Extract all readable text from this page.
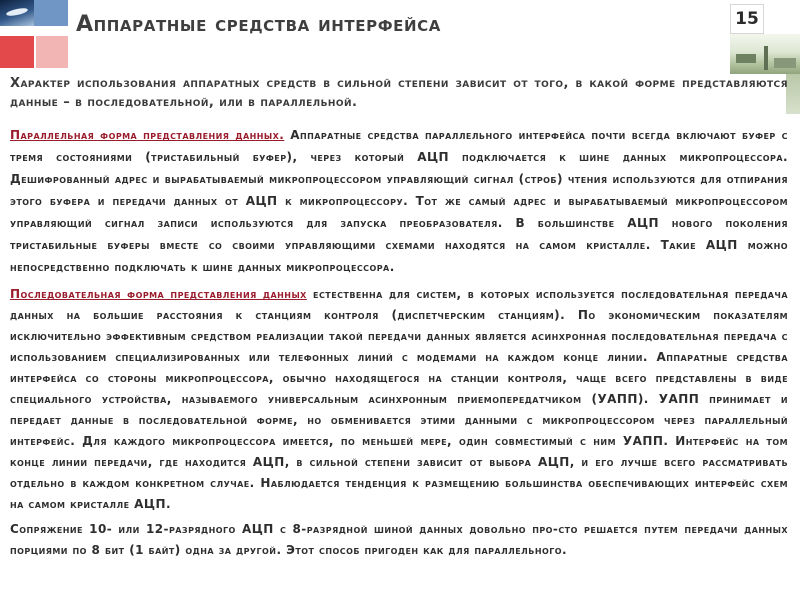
Аппаратные средства интерфейса	15

Характер использования аппаратных средств в сильной степени зависит от того, в какой форме представляются данные – в последовательной, или в параллельной.

Параллельная форма представления данных. Аппаратные средства параллельного интерфейса почти всегда включают буфер с тремя состояниями (тристабильный буфер), через который АЦП подключается к шине данных микропроцессора. Дешифрованный адрес и вырабатываемый микропроцессором управляющий сигнал (строб) чтения используются для отпирания этого буфера и передачи данных от АЦП к микропроцессору. Тот же самый адрес и вырабатываемый микропроцессором управляющий сигнал записи используются для запуска преобразователя. В большинстве АЦП нового поколения тристабильные буферы вместе со своими управляющими схемами находятся на самом кристалле. Такие АЦП можно непосредственно подключать к шине данных микропроцессора.

Последовательная форма представления данных естественна для систем, в которых используется последовательная передача данных на большие расстояния к станциям контроля (диспетчерским станциям). По экономическим показателям исключительно эффективным средством реализации такой передачи данных является асинхронная последовательная передача с использованием специализированных или телефонных линий с модемами на каждом конце линии. Аппаратные средства интерфейса со стороны микропроцессора, обычно находящегося на станции контроля, чаще всего представлены в виде специального устройства, называемого универсальным асинхронным приемопередатчиком (УАПП). УАПП принимает и передает данные в последовательной форме, но обменивается этими данными с микропроцессором через параллельный интерфейс. Для каждого микропроцессора имеется, по меньшей мере, один совместимый с ним УАПП. Интерфейс на том конце линии передачи, где находится АЦП, в сильной степени зависит от выбора АЦП, и его лучше всего рассматривать отдельно в каждом конкретном случае. Наблюдается тенденция к размещению большинства обеспечивающих интерфейс схем на самом кристалле АЦП.

Сопряжение 10- или 12-разрядного АЦП с 8-разрядной шиной данных довольно про-сто решается путем передачи данных порциями по 8 бит (1 байт) одна за другой. Этот способ пригоден как для параллельного.
